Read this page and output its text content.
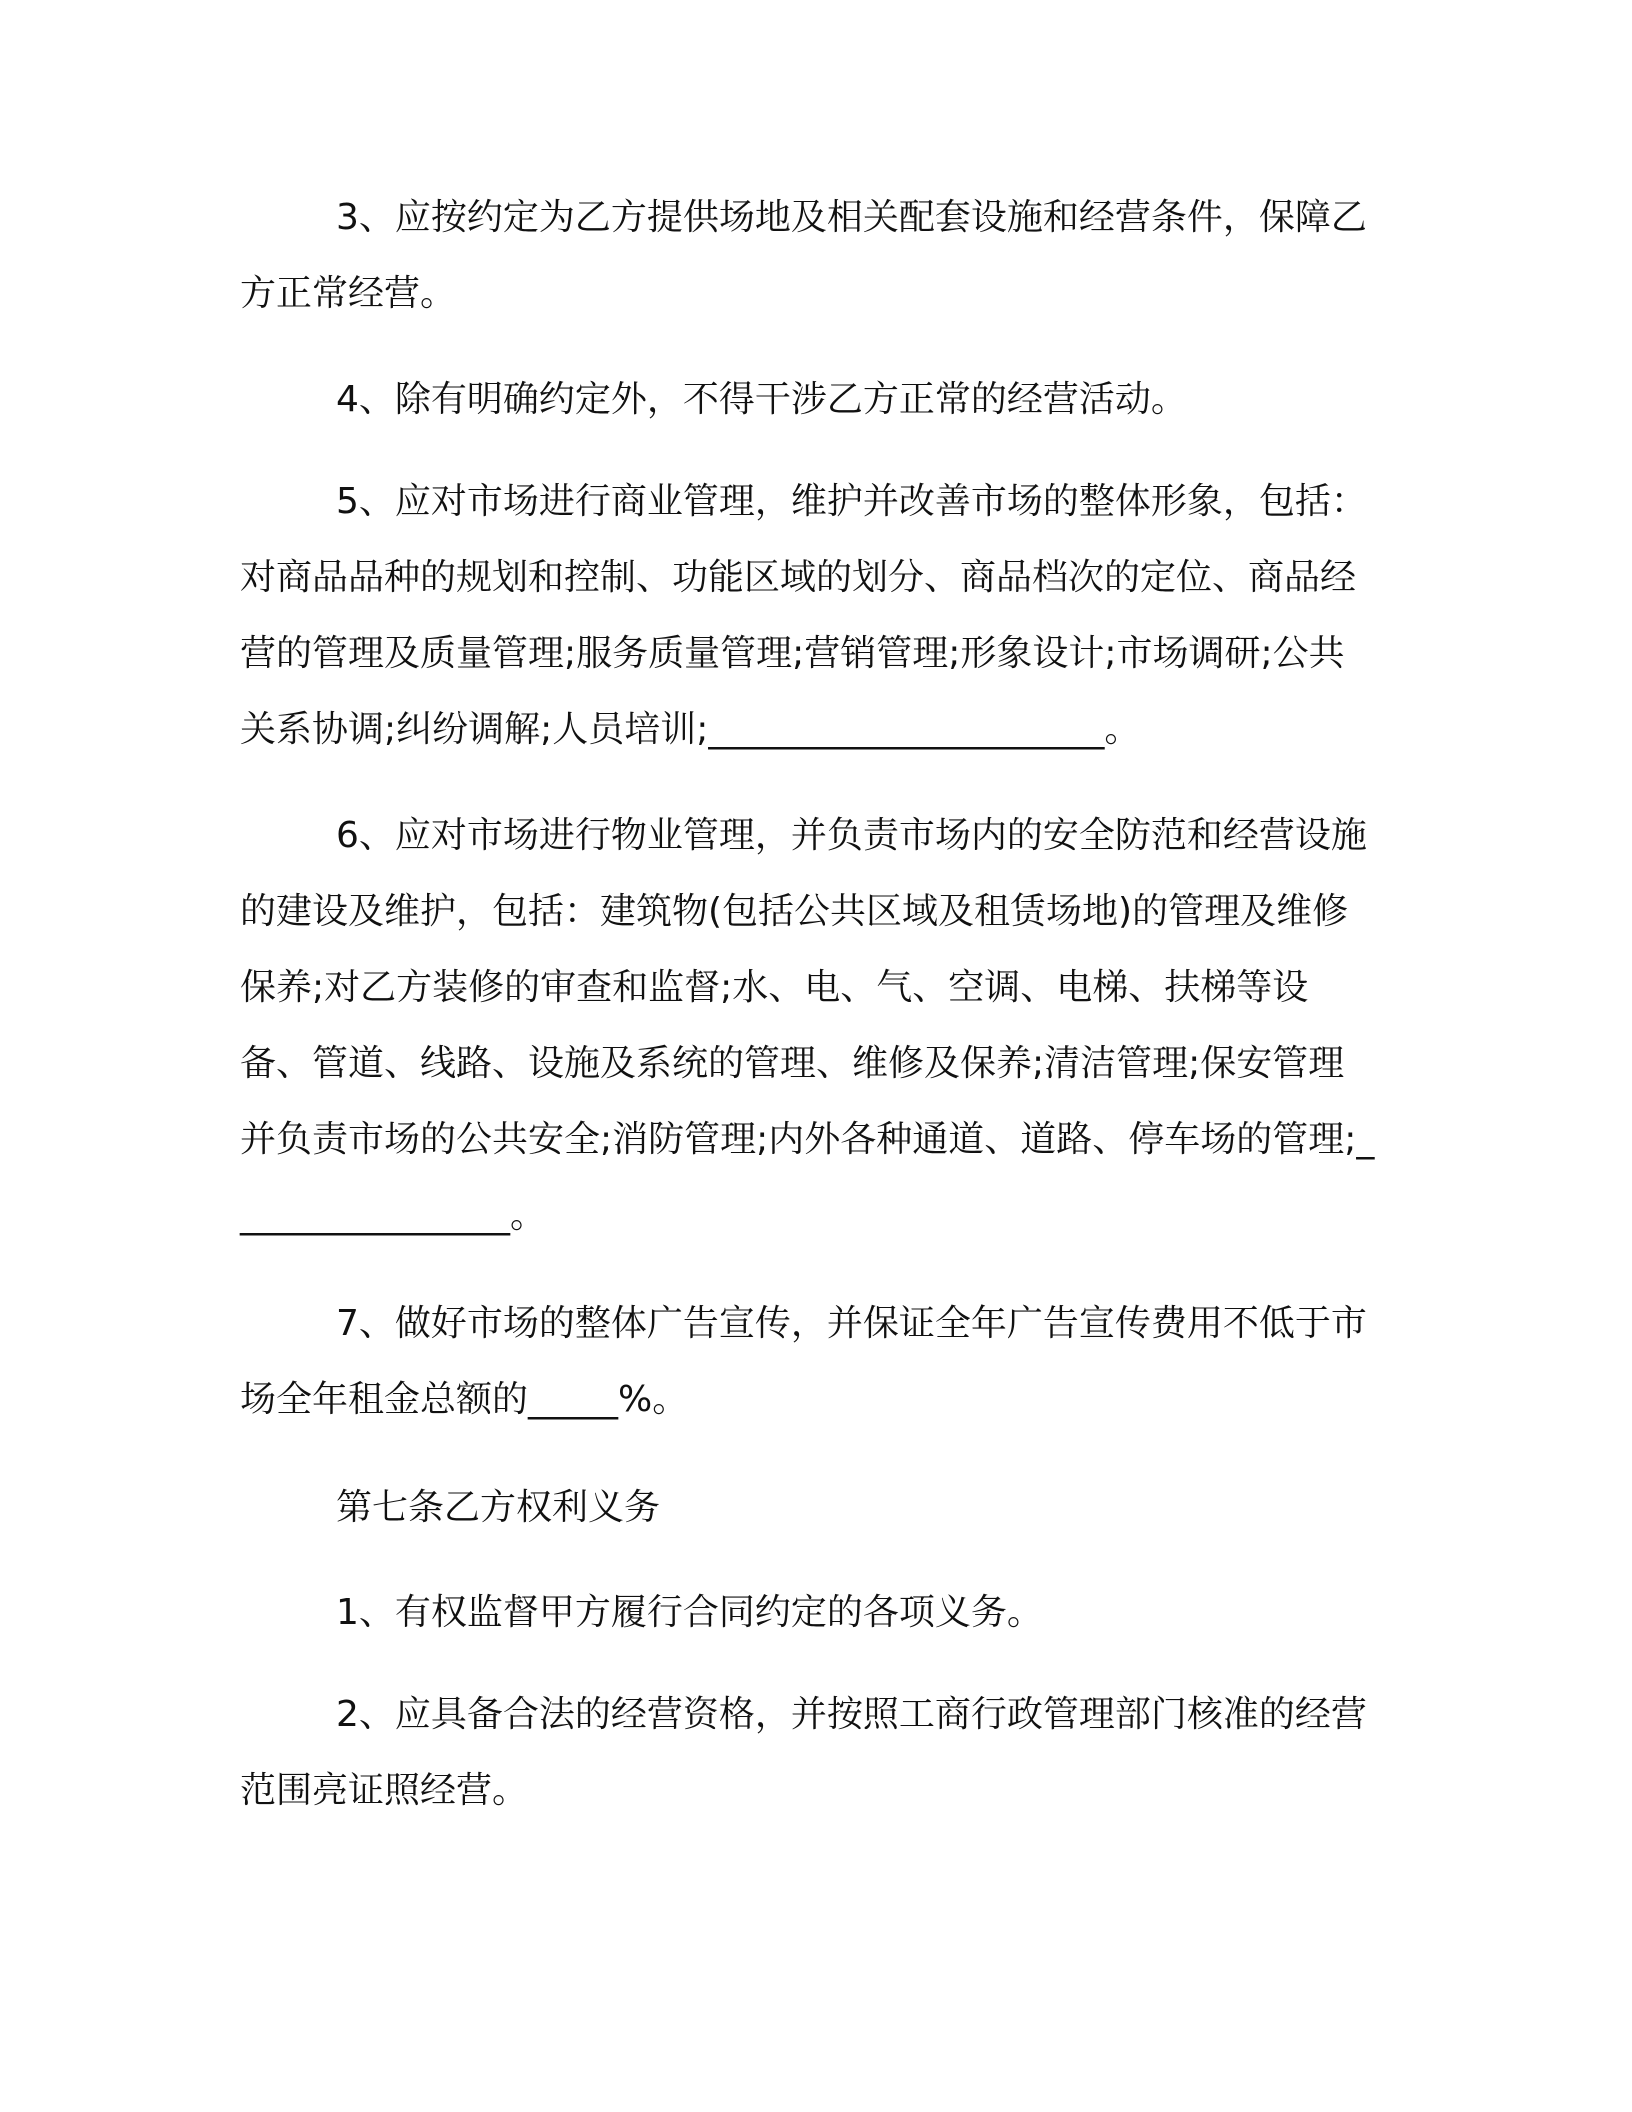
3、应按约定为乙方提供场地及相关配套设施和经营条件，保障乙方正常经营。

4、除有明确约定外，不得干涉乙方正常的经营活动。

5、应对市场进行商业管理，维护并改善市场的整体形象，包括：对商品品种的规划和控制、功能区域的划分、商品档次的定位、商品经营的管理及质量管理;服务质量管理;营销管理;形象设计;市场调研;公共关系协调;纠纷调解;人员培训;______________________。

6、应对市场进行物业管理，并负责市场内的安全防范和经营设施的建设及维护，包括：建筑物(包括公共区域及租赁场地)的管理及维修保养;对乙方装修的审查和监督;水、电、气、空调、电梯、扶梯等设备、管道、线路、设施及系统的管理、维修及保养;清洁管理;保安管理并负责市场的公共安全;消防管理;内外各种通道、道路、停车场的管理;________________。

7、做好市场的整体广告宣传，并保证全年广告宣传费用不低于市场全年租金总额的_____%。

第七条乙方权利义务

1、有权监督甲方履行合同约定的各项义务。

2、应具备合法的经营资格，并按照工商行政管理部门核准的经营范围亮证照经营。
